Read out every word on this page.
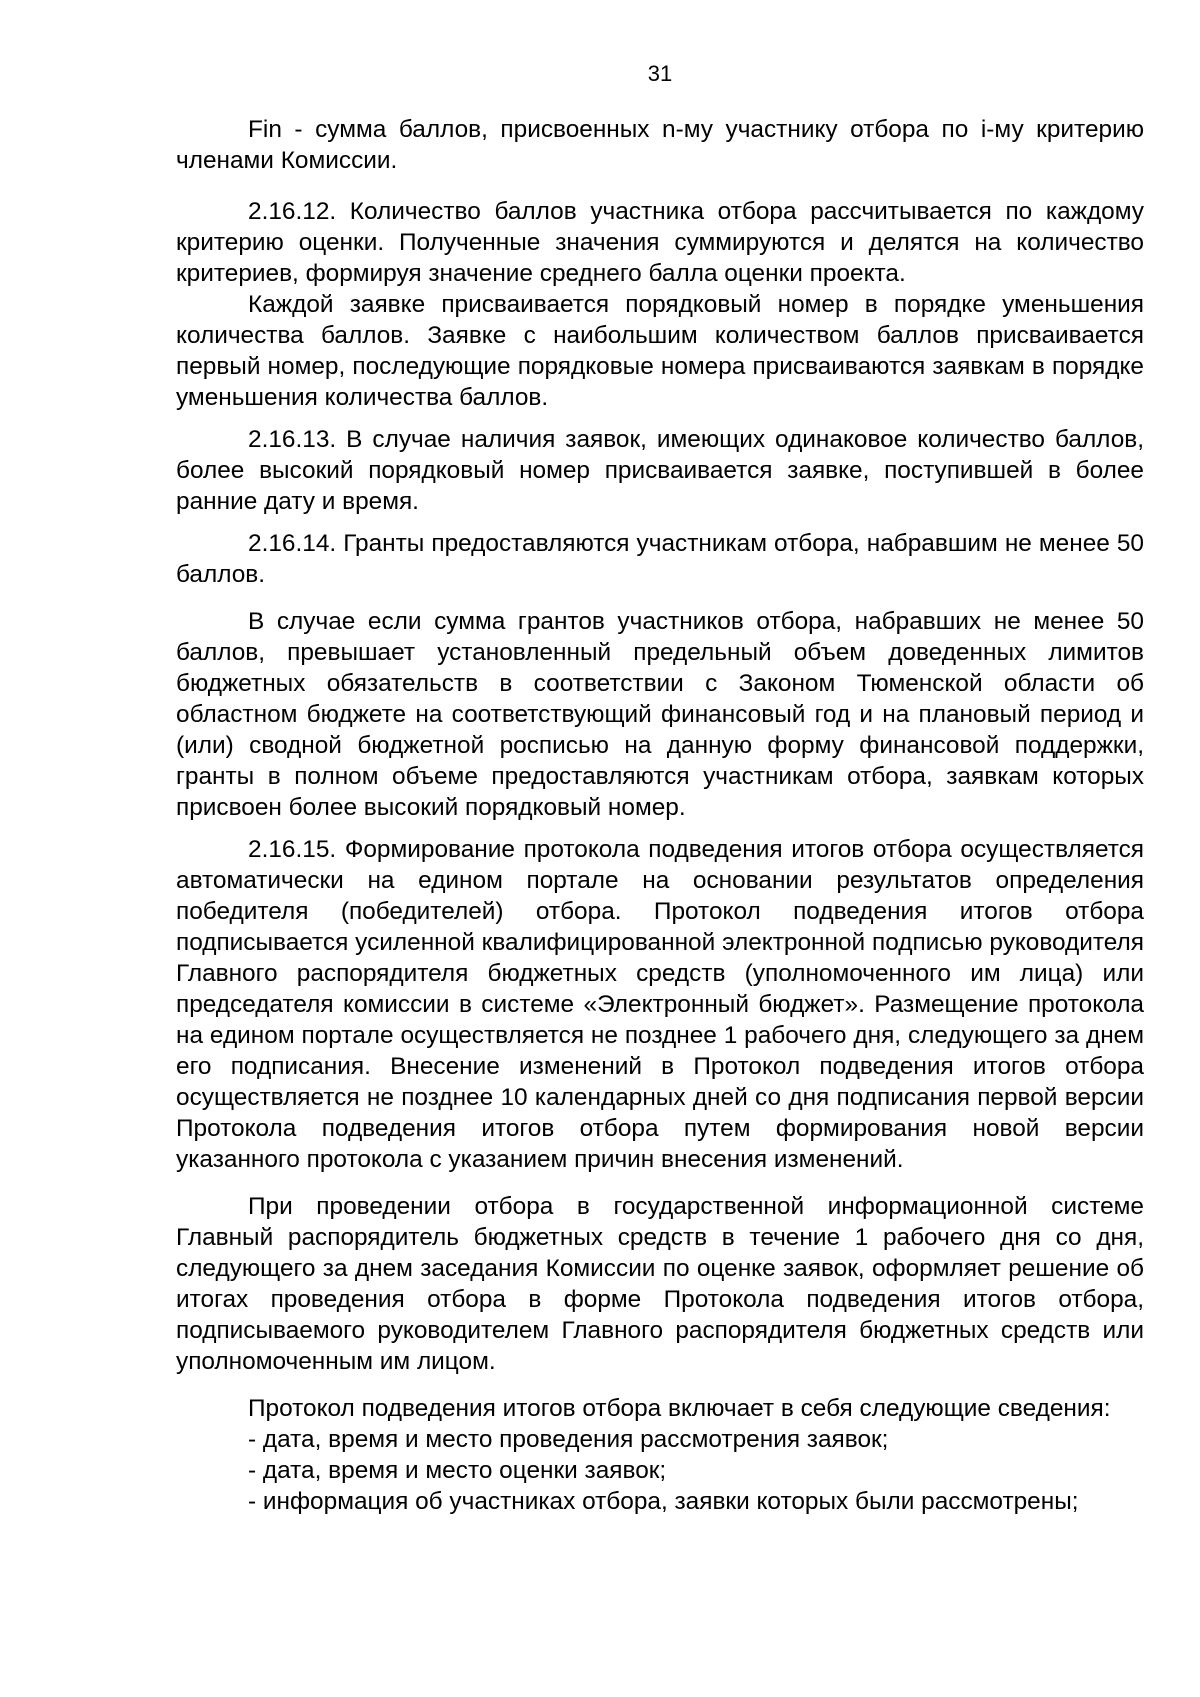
31

Fin - сумма баллов, присвоенных n-му участнику отбора по i-му критерию членами Комиссии.

2.16.12. Количество баллов участника отбора рассчитывается по каждому критерию оценки. Полученные значения суммируются и делятся на количество критериев, формируя значение среднего балла оценки проекта.

Каждой заявке присваивается порядковый номер в порядке уменьшения количества баллов. Заявке с наибольшим количеством баллов присваивается первый номер, последующие порядковые номера присваиваются заявкам в порядке уменьшения количества баллов.

2.16.13. В случае наличия заявок, имеющих одинаковое количество баллов, более высокий порядковый номер присваивается заявке, поступившей в более ранние дату и время.

2.16.14. Гранты предоставляются участникам отбора, набравшим не менее 50 баллов.

В случае если сумма грантов участников отбора, набравших не менее 50 баллов, превышает установленный предельный объем доведенных лимитов бюджетных обязательств в соответствии с Законом Тюменской области об областном бюджете на соответствующий финансовый год и на плановый период и (или) сводной бюджетной росписью на данную форму финансовой поддержки, гранты в полном объеме предоставляются участникам отбора, заявкам которых присвоен более высокий порядковый номер.

2.16.15. Формирование протокола подведения итогов отбора осуществляется автоматически на едином портале на основании результатов определения победителя (победителей) отбора. Протокол подведения итогов отбора подписывается усиленной квалифицированной электронной подписью руководителя Главного распорядителя бюджетных средств (уполномоченного им лица) или председателя комиссии в системе «Электронный бюджет». Размещение протокола на едином портале осуществляется не позднее 1 рабочего дня, следующего за днем его подписания. Внесение изменений в Протокол подведения итогов отбора осуществляется не позднее 10 календарных дней со дня подписания первой версии Протокола подведения итогов отбора путем формирования новой версии указанного протокола с указанием причин внесения изменений.

При проведении отбора в государственной информационной системе Главный распорядитель бюджетных средств в течение 1 рабочего дня со дня, следующего за днем заседания Комиссии по оценке заявок, оформляет решение об итогах проведения отбора в форме Протокола подведения итогов отбора, подписываемого руководителем Главного распорядителя бюджетных средств или уполномоченным им лицом.

Протокол подведения итогов отбора включает в себя следующие сведения:

- дата, время и место проведения рассмотрения заявок;

- дата, время и место оценки заявок;

- информация об участниках отбора, заявки которых были рассмотрены;
